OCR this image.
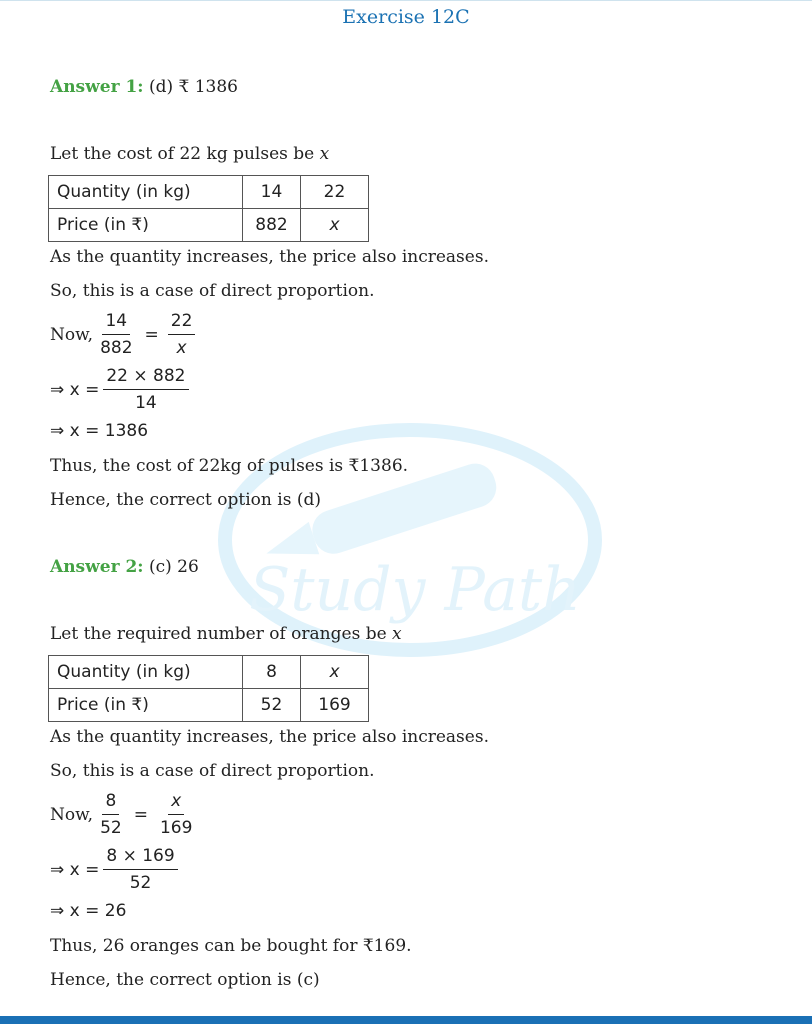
Exercise 12C
Study Path
Answer 1: (d) ₹ 1386
Let the cost of 22 kg pulses be x
Quantity (in kg)	14	22
Price (in ₹)	882	x
As the quantity increases, the price also increases.
So, this is a case of direct proportion.
Now, $\frac{14}{882} = \frac{22}{x}$
⇒ $x = \frac{22 \times 882}{14}$
⇒ x = 1386
Thus, the cost of 22kg of pulses is ₹1386.
Hence, the correct option is (d)
Answer 2: (c) 26
Let the required number of oranges be x
Quantity (in kg)	8	x
Price (in ₹)	52	169
As the quantity increases, the price also increases.
So, this is a case of direct proportion.
Now, $\frac{8}{52} = \frac{x}{169}$
⇒ $x = \frac{8 \times 169}{52}$
⇒ x = 26
Thus, 26 oranges can be bought for ₹169.
Hence, the correct option is (c)
